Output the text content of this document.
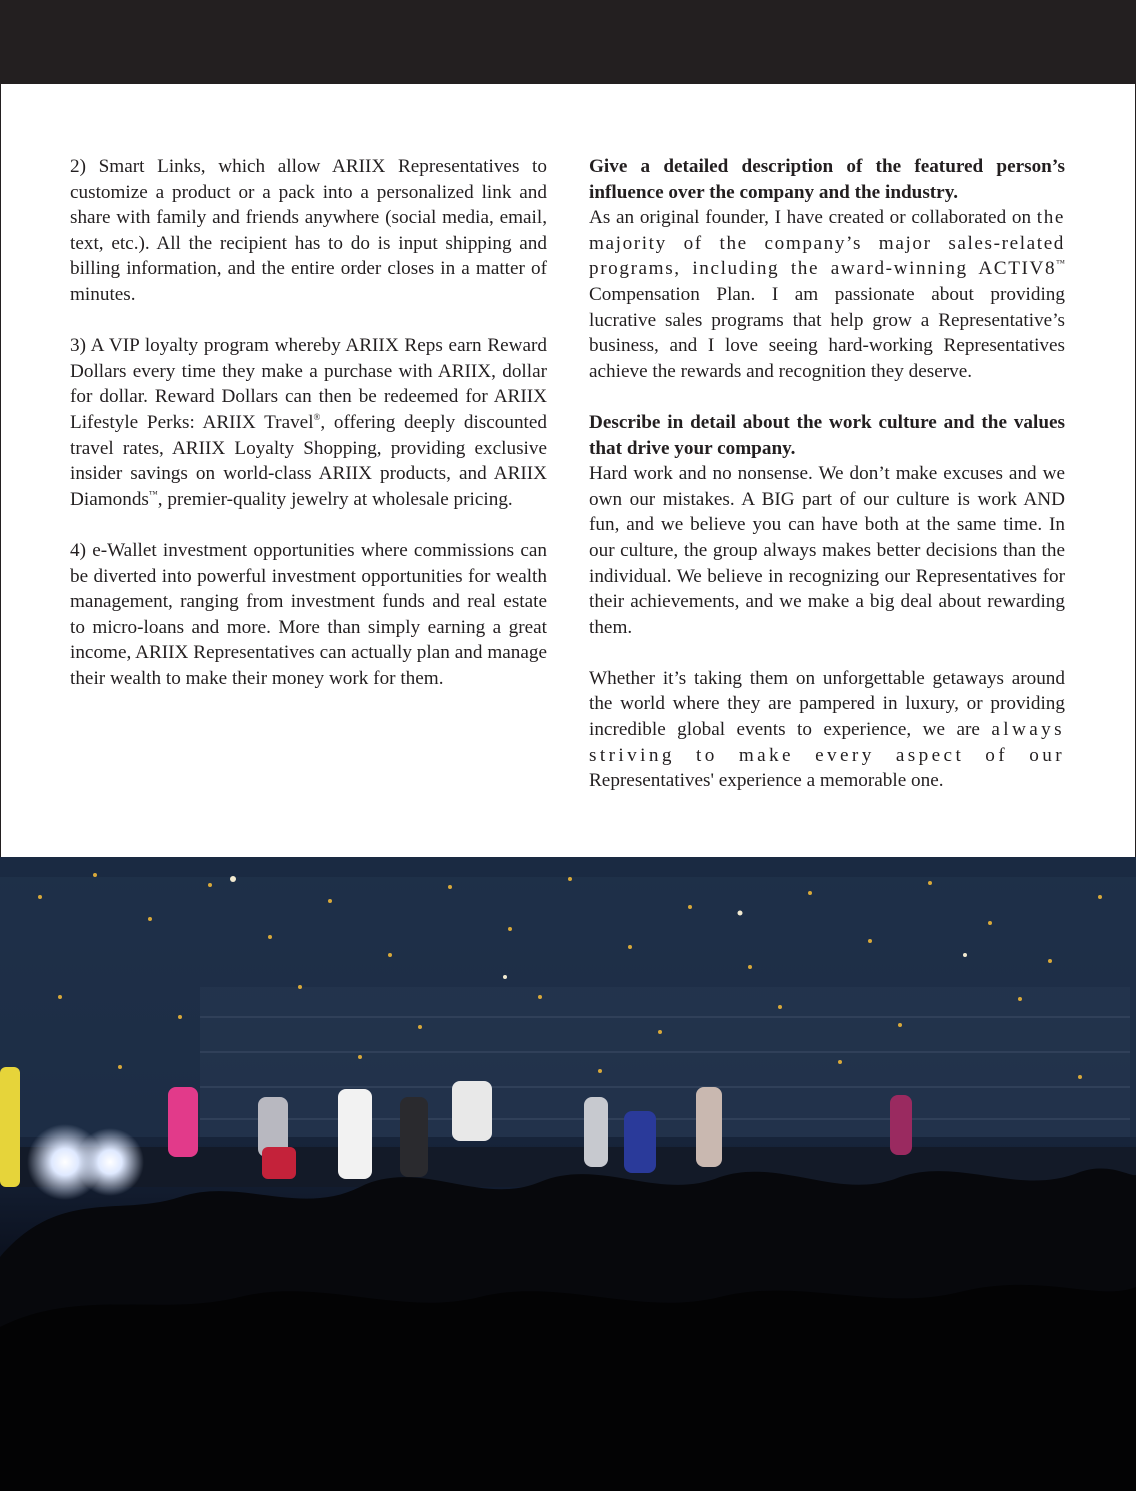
2) Smart Links, which allow ARIIX Representatives to customize a product or a pack into a personalized link and share with family and friends anywhere (social media, email, text, etc.). All the recipient has to do is input shipping and billing information, and the entire order closes in a matter of minutes.

3) A VIP loyalty program whereby ARIIX Reps earn Reward Dollars every time they make a purchase with ARIIX, dollar for dollar. Reward Dollars can then be redeemed for ARIIX Lifestyle Perks: ARIIX Travel®, offering deeply discounted travel rates, ARIIX Loyalty Shopping, providing exclusive insider savings on world-class ARIIX products, and ARIIX Diamonds™, premier-quality jewelry at wholesale pricing.

4) e-Wallet investment opportunities where commissions can be diverted into powerful investment opportunities for wealth management, ranging from investment funds and real estate to micro-loans and more. More than simply earning a great income, ARIIX Representatives can actually plan and manage their wealth to make their money work for them.

Give a detailed description of the featured person’s influence over the company and the industry.

As an original founder, I have created or collaborated on the majority of the company’s major sales-related programs, including the award-winning ACTIV8™ Compensation Plan. I am passionate about providing lucrative sales programs that help grow a Representative’s business, and I love seeing hard-working Representatives achieve the rewards and recognition they deserve.

Describe in detail about the work culture and the values that drive your company.

Hard work and no nonsense. We don’t make excuses and we own our mistakes. A BIG part of our culture is work AND fun, and we believe you can have both at the same time. In our culture, the group always makes better decisions than the individual. We believe in recognizing our Representatives for their achievements, and we make a big deal about rewarding them.

Whether it’s taking them on unforgettable getaways around the world where they are pampered in luxury, or providing incredible global events to experience, we are always striving to make every aspect of our Representatives' experience a memorable one.
